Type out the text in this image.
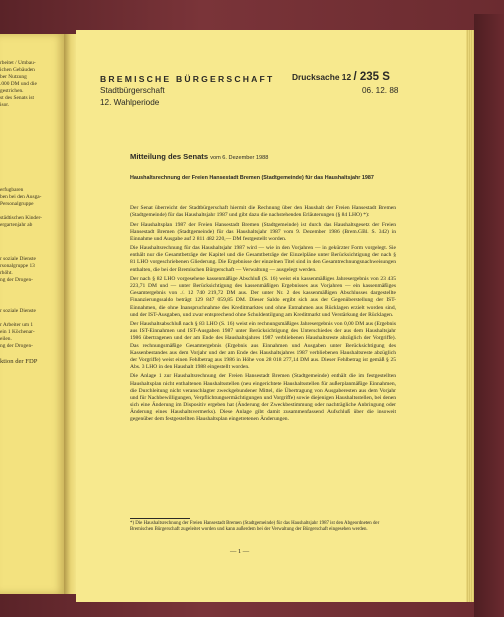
rbeitet / Umbau-
ichen Gebäuden
ber Nutzung
.000 DM und die
gestrichen.
st des Senats ist
isor.
erfugbaren
ben bei den Ausga-
Personalgruppe
städtischen Kinder-
ergartenjahr ab
r soziale Dienste
rsonalgruppe 13
rhöht.
ng der Drogen-
r soziale Dienste
r Arbeiter um 1
ein 1 Köchenar-
eilen.
ng der Drogen-
ktion der FDP
BREMISCHE BÜRGERSCHAFT
Stadtbürgerschaft
12. Wahlperiode
Drucksache 12 / 235 S
06. 12. 88
Mitteilung des Senats vom 6. Dezember 1988
Haushaltsrechnung der Freien Hansestadt Bremen (Stadtgemeinde) für das Haushaltsjahr 1987

Der Senat überreicht der Stadtbürgerschaft hiermit die Rechnung über den Haushalt der Freien Hansestadt Bremen (Stadtgemeinde) für das Haushaltsjahr 1987 und gibt dazu die nachstehenden Erläuterungen (§ 84 LHO) *):

Der Haushaltsplan 1987 der Freien Hansestadt Bremen (Stadtgemeinde) ist durch das Haushaltsgesetz der Freien Hansestadt Bremen (Stadtgemeinde) für das Haushaltsjahr 1987 vom 9. Dezember 1986 (Brem.GBl. S. 342) in Einnahme und Ausgabe auf 2 811 482 220,— DM festgestellt worden.

Die Haushaltsrechnung für das Haushaltsjahr 1987 wird — wie in den Vorjahren — in gekürzter Form vorgelegt. Sie enthält nur die Gesamtbeträge der Kapitel und die Gesamtbeträge der Einzelpläne unter Berücksichtigung der nach § 81 LHO vorgeschriebenen Gliederung. Die Ergebnisse der einzelnen Titel sind in den Gesamtrechnungsnachweisungen enthalten, die bei der Bremischen Bürgerschaft — Verwaltung — ausgelegt werden.

Der nach § 82 LHO vorgesehene kassenmäßige Abschluß (S. 16) weist ein kassenmäßiges Jahresergebnis von 23 435 223,71 DM und — unter Berücksichtigung des kassenmäßigen Ergebnisses aus Vorjahren — ein kassenmäßiges Gesamtergebnis von ./. 12 740 219,72 DM aus. Der unter Nr. 2 des kassenmäßigen Abschlusses dargestellte Finanzierungssaldo beträgt 129 847 059,85 DM. Dieser Saldo ergibt sich aus der Gegenüberstellung der IST-Einnahmen, die ohne Inanspruchnahme des Kreditmarktes und ohne Entnahmen aus Rücklagen erzielt worden sind, und der IST-Ausgaben, und zwar entsprechend ohne Schuldentilgung am Kreditmarkt und Verstärkung der Rücklagen.

Der Haushaltsabschluß nach § 83 LHO (S. 16) weist ein rechnungsmäßiges Jahresergebnis von 0,00 DM aus (Ergebnis aus IST-Einnahmen und IST-Ausgaben 1987 unter Berücksichtigung des Unterschiedes der aus dem Haushaltsjahr 1986 übertragenen und der am Ende des Haushaltsjahres 1987 verbliebenen Haushaltsreste abzüglich der Vorgriffe). Das rechnungsmäßige Gesamtergebnis (Ergebnis aus Einnahmen und Ausgaben unter Berücksichtigung des Kassenbestandes aus dem Vorjahr und der am Ende des Haushaltsjahres 1987 verbliebenen Haushaltsreste abzüglich der Vorgriffe) weist einen Fehlbetrag aus 1986 in Höhe von 28 018 277,14 DM aus. Dieser Fehlbetrag ist gemäß § 25 Abs. 3 LHO in den Haushalt 1988 eingestellt worden.

Die Anlage 1 zur Haushaltsrechnung der Freien Hansestadt Bremen (Stadtgemeinde) enthält die im festgestellten Haushaltsplan nicht enthaltenen Haushaltsstellen (neu eingerichtete Haushaltsstellen für außerplanmäßige Einnahmen, die Durchleitung nicht veranschlagter zweckgebundener Mittel, die Übertragung von Ausgaberesten aus dem Vorjahr und für Nachbewilligungen, Verpflichtungsermächtigungen und Vorgriffe) sowie diejenigen Haushaltsstellen, bei denen sich eine Änderung im Dispositiv ergeben hat (Änderung der Zweckbestimmung oder nachträgliche Anbringung oder Änderung eines Haushaltsvermerks). Diese Anlage gibt damit zusammenfassend Aufschluß über die insoweit gegenüber dem festgestellten Haushaltsplan eingetretenen Änderungen.

*) Die Haushaltsrechnung der Freien Hansestadt Bremen (Stadtgemeinde) für das Haushaltsjahr 1987 ist den Abgeordneten der Bremischen Bürgerschaft zugeleitet worden und kann außerdem bei der Verwaltung der Bürgerschaft eingesehen werden.
— 1 —
